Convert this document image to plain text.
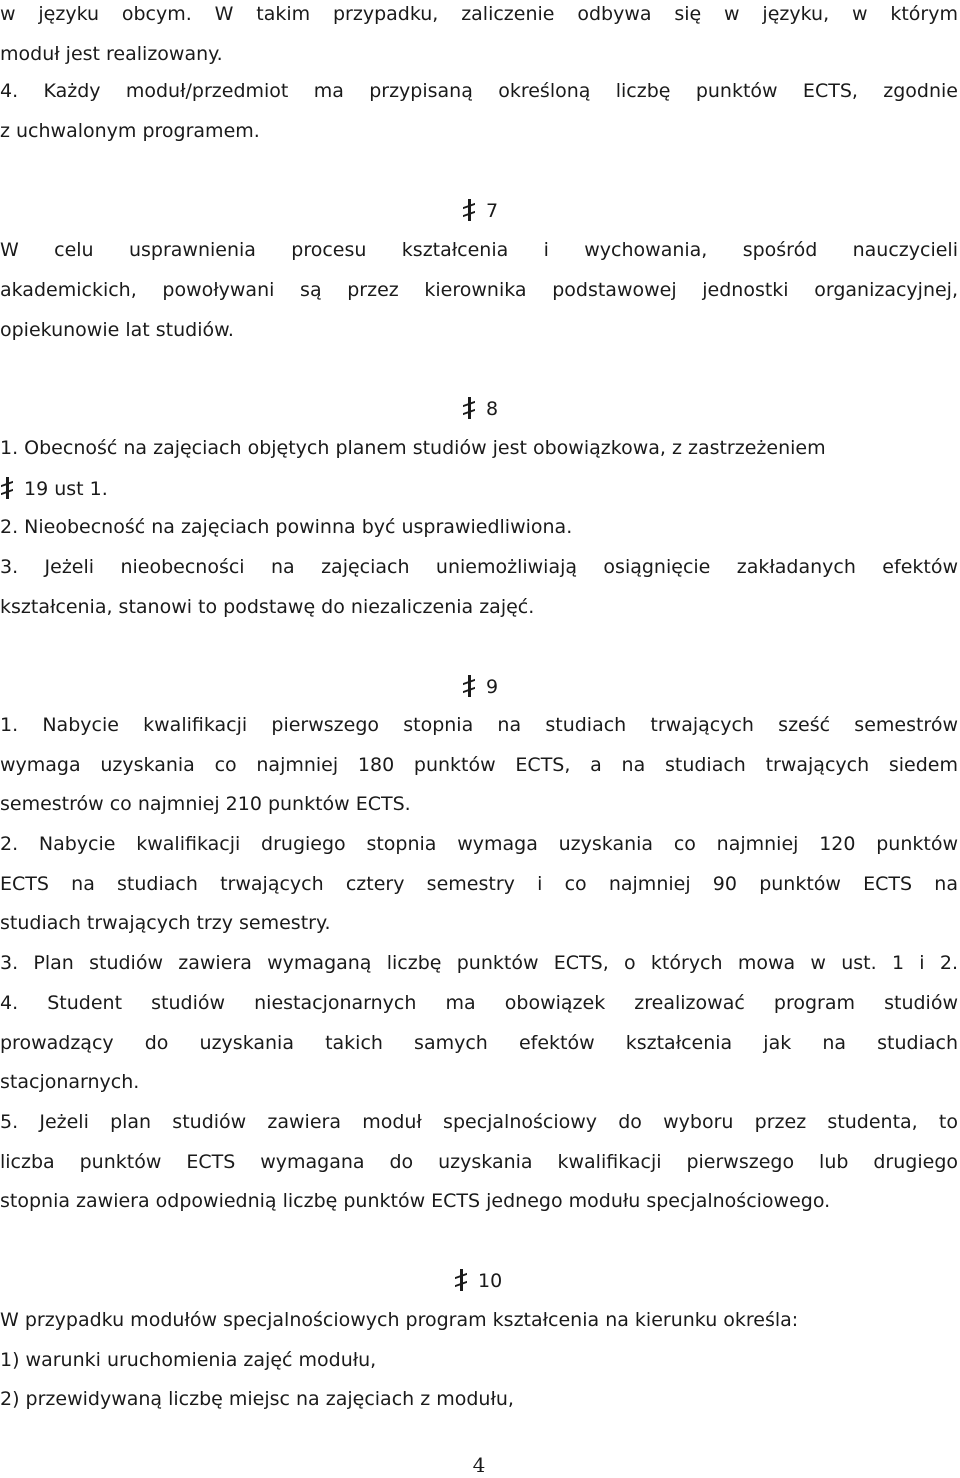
w języku obcym. W takim przypadku, zaliczenie odbywa się w języku, w którym
moduł jest realizowany.
4. Każdy moduł/przedmiot ma przypisaną określoną liczbę punktów ECTS, zgodnie
z uchwalonym programem.
7
W celu usprawnienia procesu kształcenia i wychowania, spośród nauczycieli
akademickich, powoływani są przez kierownika podstawowej jednostki organizacyjnej,
opiekunowie lat studiów.
8
1. Obecność na zajęciach objętych planem studiów jest obowiązkowa, z zastrzeżeniem
19 ust 1.
2. Nieobecność na zajęciach powinna być usprawiedliwiona.
3. Jeżeli nieobecności na zajęciach uniemożliwiają osiągnięcie zakładanych efektów
kształcenia, stanowi to podstawę do niezaliczenia zajęć.
9
1. Nabycie kwalifikacji pierwszego stopnia na studiach trwających sześć semestrów
wymaga uzyskania co najmniej 180 punktów ECTS, a na studiach trwających siedem
semestrów co najmniej 210 punktów ECTS.
2. Nabycie kwalifikacji drugiego stopnia wymaga uzyskania co najmniej 120 punktów
ECTS na studiach trwających cztery semestry i co najmniej 90 punktów ECTS na
studiach trwających trzy semestry.
3. Plan studiów zawiera wymaganą liczbę punktów ECTS, o których mowa w ust. 1 i 2.
4. Student studiów niestacjonarnych ma obowiązek zrealizować program studiów
prowadzący do uzyskania takich samych efektów kształcenia jak na studiach
stacjonarnych.
5. Jeżeli plan studiów zawiera moduł specjalnościowy do wyboru przez studenta, to
liczba punktów ECTS wymagana do uzyskania kwalifikacji pierwszego lub drugiego
stopnia zawiera odpowiednią liczbę punktów ECTS jednego modułu specjalnościowego.
10
W przypadku modułów specjalnościowych program kształcenia na kierunku określa:
1) warunki uruchomienia zajęć modułu,
2) przewidywaną liczbę miejsc na zajęciach z modułu,
4
